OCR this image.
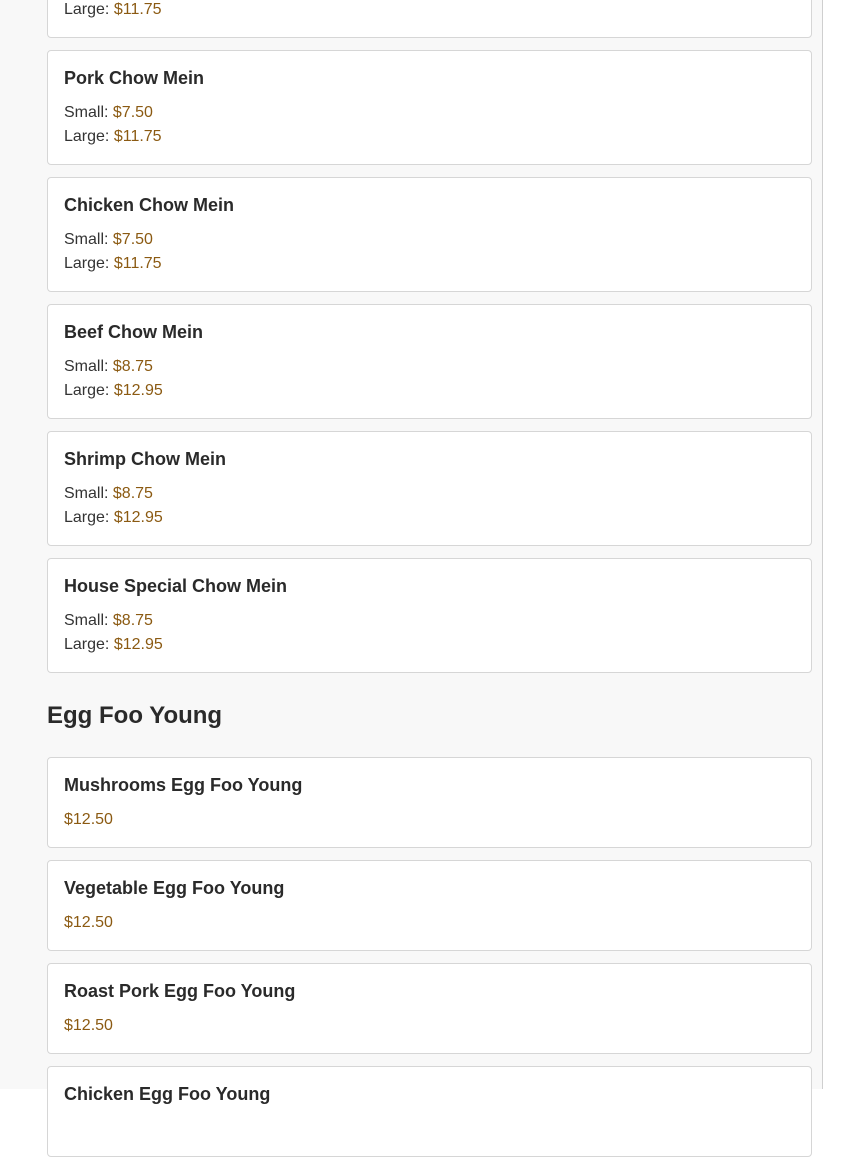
Large: $11.75
Pork Chow Mein
Small: $7.50
Large: $11.75
Chicken Chow Mein
Small: $7.50
Large: $11.75
Beef Chow Mein
Small: $8.75
Large: $12.95
Shrimp Chow Mein
Small: $8.75
Large: $12.95
House Special Chow Mein
Small: $8.75
Large: $12.95
Egg Foo Young
Mushrooms Egg Foo Young
$12.50
Vegetable Egg Foo Young
$12.50
Roast Pork Egg Foo Young
$12.50
Chicken Egg Foo Young
